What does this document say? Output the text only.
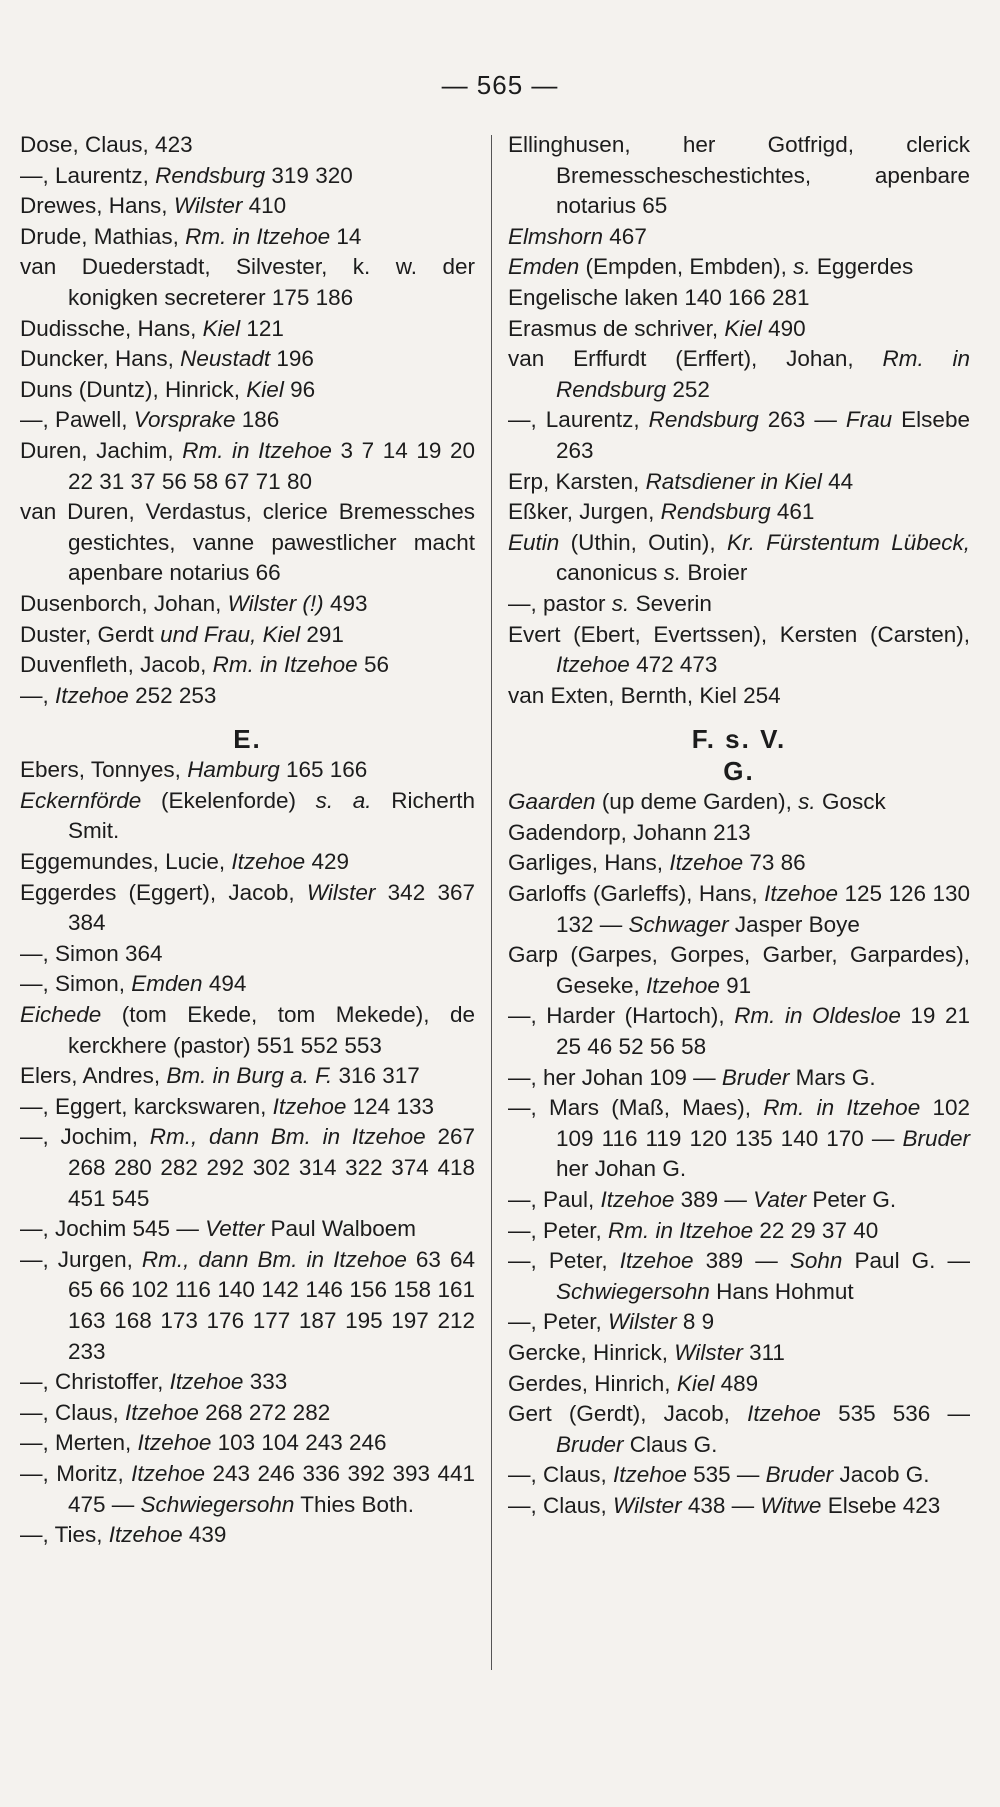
— 565 —
Dose, Claus, 423
—, Laurentz, Rendsburg 319 320
Drewes, Hans, Wilster 410
Drude, Mathias, Rm. in Itzehoe 14
van Duederstadt, Silvester, k. w. der konigken secreterer 175 186
Dudissche, Hans, Kiel 121
Duncker, Hans, Neustadt 196
Duns (Duntz), Hinrick, Kiel 96
—, Pawell, Vorsprake 186
Duren, Jachim, Rm. in Itzehoe 3 7 14 19 20 22 31 37 56 58 67 71 80
van Duren, Verdastus, clerice Bremessches gestichtes, vanne pawestlicher macht apenbare notarius 66
Dusenborch, Johan, Wilster (!) 493
Duster, Gerdt und Frau, Kiel 291
Duvenfleth, Jacob, Rm. in Itzehoe 56
—, Itzehoe 252 253
E.
Ebers, Tonnyes, Hamburg 165 166
Eckernförde (Ekelenforde) s. a. Richerth Smit.
Eggemundes, Lucie, Itzehoe 429
Eggerdes (Eggert), Jacob, Wilster 342 367 384
—, Simon 364
—, Simon, Emden 494
Eichede (tom Ekede, tom Mekede), de kerckhere (pastor) 551 552 553
Elers, Andres, Bm. in Burg a. F. 316 317
—, Eggert, karckswaren, Itzehoe 124 133
—, Jochim, Rm., dann Bm. in Itzehoe 267 268 280 282 292 302 314 322 374 418 451 545
—, Jochim 545 — Vetter Paul Walboem
—, Jurgen, Rm., dann Bm. in Itzehoe 63 64 65 66 102 116 140 142 146 156 158 161 163 168 173 176 177 187 195 197 212 233
—, Christoffer, Itzehoe 333
—, Claus, Itzehoe 268 272 282
—, Merten, Itzehoe 103 104 243 246
—, Moritz, Itzehoe 243 246 336 392 393 441 475 — Schwiegersohn Thies Both.
—, Ties, Itzehoe 439
Ellinghusen, her Gotfrigd, clerick Bremesscheschestichtes, apenbare notarius 65
Elmshorn 467
Emden (Empden, Embden), s. Eggerdes
Engelische laken 140 166 281
Erasmus de schriver, Kiel 490
van Erffurdt (Erffert), Johan, Rm. in Rendsburg 252
—, Laurentz, Rendsburg 263 — Frau Elsebe 263
Erp, Karsten, Ratsdiener in Kiel 44
Eßker, Jurgen, Rendsburg 461
Eutin (Uthin, Outin), Kr. Fürstentum Lübeck, canonicus s. Broier
—, pastor s. Severin
Evert (Ebert, Evertssen), Kersten (Carsten), Itzehoe 472 473
van Exten, Bernth, Kiel 254
F. s. V.
G.
Gaarden (up deme Garden), s. Gosck
Gadendorp, Johann 213
Garliges, Hans, Itzehoe 73 86
Garloffs (Garleffs), Hans, Itzehoe 125 126 130 132 — Schwager Jasper Boye
Garp (Garpes, Gorpes, Garber, Garpardes), Geseke, Itzehoe 91
—, Harder (Hartoch), Rm. in Oldesloe 19 21 25 46 52 56 58
—, her Johan 109 — Bruder Mars G.
—, Mars (Maß, Maes), Rm. in Itzehoe 102 109 116 119 120 135 140 170 — Bruder her Johan G.
—, Paul, Itzehoe 389 — Vater Peter G.
—, Peter, Rm. in Itzehoe 22 29 37 40
—, Peter, Itzehoe 389 — Sohn Paul G. — Schwiegersohn Hans Hohmut
—, Peter, Wilster 8 9
Gercke, Hinrick, Wilster 311
Gerdes, Hinrich, Kiel 489
Gert (Gerdt), Jacob, Itzehoe 535 536 — Bruder Claus G.
—, Claus, Itzehoe 535 — Bruder Jacob G.
—, Claus, Wilster 438 — Witwe Elsebe 423
